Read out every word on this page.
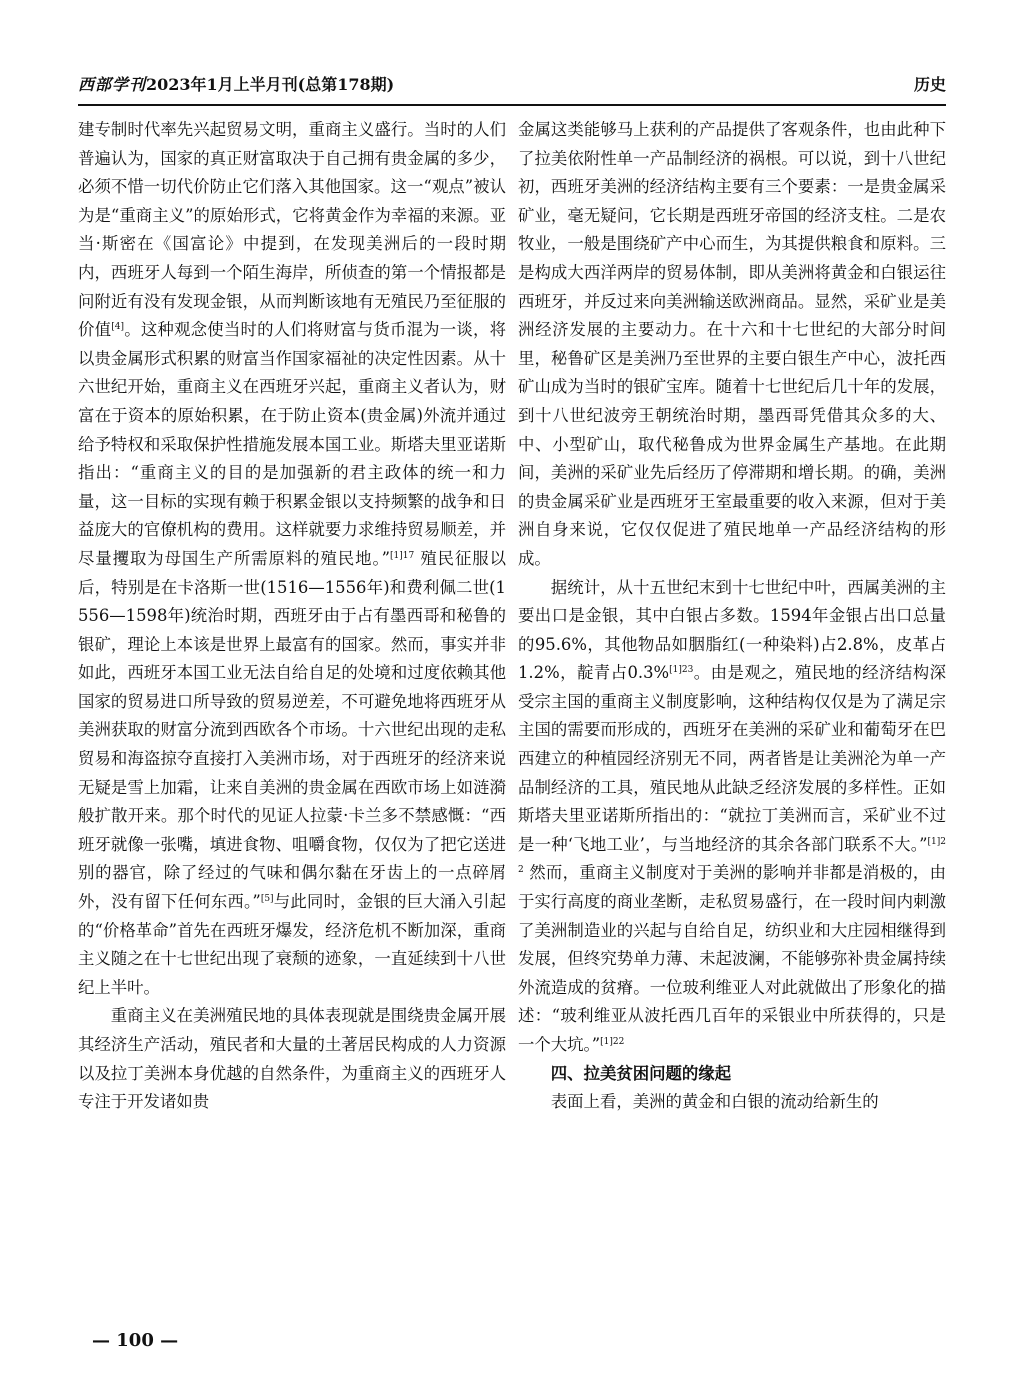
西部学刊2023年1月上半月刊(总第178期)	历史

建专制时代率先兴起贸易文明，重商主义盛行。当时的人们普遍认为，国家的真正财富取决于自己拥有贵金属的多少，必须不惜一切代价防止它们落入其他国家。这一“观点”被认为是“重商主义”的原始形式，它将黄金作为幸福的来源。亚当·斯密在《国富论》中提到，在发现美洲后的一段时期内，西班牙人每到一个陌生海岸，所侦查的第一个情报都是问附近有没有发现金银，从而判断该地有无殖民乃至征服的价值[4]。这种观念使当时的人们将财富与货币混为一谈，将以贵金属形式积累的财富当作国家福祉的决定性因素。从十六世纪开始，重商主义在西班牙兴起，重商主义者认为，财富在于资本的原始积累，在于防止资本(贵金属)外流并通过给予特权和采取保护性措施发展本国工业。斯塔夫里亚诺斯指出：“重商主义的目的是加强新的君主政体的统一和力量，这一目标的实现有赖于积累金银以支持频繁的战争和日益庞大的官僚机构的费用。这样就要力求维持贸易顺差，并尽量攫取为母国生产所需原料的殖民地。”$^{[1]17}$ 殖民征服以后，特别是在卡洛斯一世(1516—1556年)和费利佩二世(1556—1598年)统治时期，西班牙由于占有墨西哥和秘鲁的银矿，理论上本该是世界上最富有的国家。然而，事实并非如此，西班牙本国工业无法自给自足的处境和过度依赖其他国家的贸易进口所导致的贸易逆差，不可避免地将西班牙从美洲获取的财富分流到西欧各个市场。十六世纪出现的走私贸易和海盗掠夺直接打入美洲市场，对于西班牙的经济来说无疑是雪上加霜，让来自美洲的贵金属在西欧市场上如涟漪般扩散开来。那个时代的见证人拉蒙·卡兰多不禁感慨：“西班牙就像一张嘴，填进食物、咀嚼食物，仅仅为了把它送进别的器官，除了经过的气味和偶尔黏在牙齿上的一点碎屑外，没有留下任何东西。”[5]与此同时，金银的巨大涌入引起的“价格革命”首先在西班牙爆发，经济危机不断加深，重商主义随之在十七世纪出现了衰颓的迹象，一直延续到十八世纪上半叶。

重商主义在美洲殖民地的具体表现就是围绕贵金属开展其经济生产活动，殖民者和大量的土著居民构成的人力资源以及拉丁美洲本身优越的自然条件，为重商主义的西班牙人专注于开发诸如贵

金属这类能够马上获利的产品提供了客观条件，也由此种下了拉美依附性单一产品制经济的祸根。可以说，到十八世纪初，西班牙美洲的经济结构主要有三个要素：一是贵金属采矿业，毫无疑问，它长期是西班牙帝国的经济支柱。二是农牧业，一般是围绕矿产中心而生，为其提供粮食和原料。三是构成大西洋两岸的贸易体制，即从美洲将黄金和白银运往西班牙，并反过来向美洲输送欧洲商品。显然，采矿业是美洲经济发展的主要动力。在十六和十七世纪的大部分时间里，秘鲁矿区是美洲乃至世界的主要白银生产中心，波托西矿山成为当时的银矿宝库。随着十七世纪后几十年的发展，到十八世纪波旁王朝统治时期，墨西哥凭借其众多的大、中、小型矿山，取代秘鲁成为世界金属生产基地。在此期间，美洲的采矿业先后经历了停滞期和增长期。的确，美洲的贵金属采矿业是西班牙王室最重要的收入来源，但对于美洲自身来说，它仅仅促进了殖民地单一产品经济结构的形成。

据统计，从十五世纪末到十七世纪中叶，西属美洲的主要出口是金银，其中白银占多数。1594年金银占出口总量的95.6%，其他物品如胭脂红(一种染料)占2.8%，皮革占1.2%，靛青占0.3%$^{[1]23}$。由是观之，殖民地的经济结构深受宗主国的重商主义制度影响，这种结构仅仅是为了满足宗主国的需要而形成的，西班牙在美洲的采矿业和葡萄牙在巴西建立的种植园经济别无不同，两者皆是让美洲沦为单一产品制经济的工具，殖民地从此缺乏经济发展的多样性。正如斯塔夫里亚诺斯所指出的：“就拉丁美洲而言，采矿业不过是一种‘飞地工业’，与当地经济的其余各部门联系不大。”$^{[1]22}$ 然而，重商主义制度对于美洲的影响并非都是消极的，由于实行高度的商业垄断，走私贸易盛行，在一段时间内刺激了美洲制造业的兴起与自给自足，纺织业和大庄园相继得到发展，但终究势单力薄、未起波澜，不能够弥补贵金属持续外流造成的贫瘠。一位玻利维亚人对此就做出了形象化的描述：“玻利维亚从波托西几百年的采银业中所获得的，只是一个大坑。”$^{[1]22}$

四、拉美贫困问题的缘起

表面上看，美洲的黄金和白银的流动给新生的

— 100 —
